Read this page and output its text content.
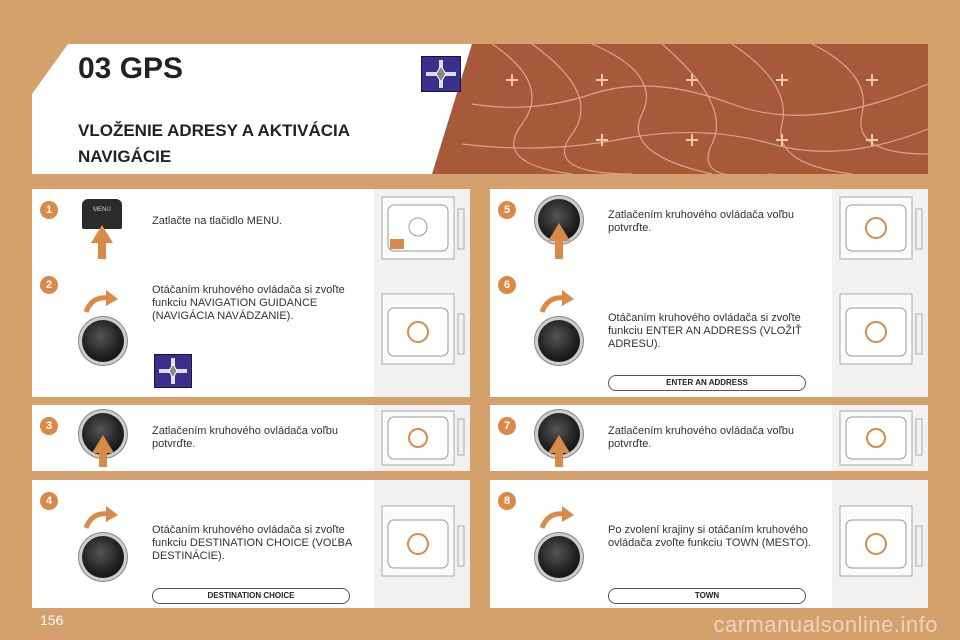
03 GPS
VLOŽENIE ADRESY A AKTIVÁCIA
NAVIGÁCIE
1	MENU
Zatlačte na tlačidlo MENU.
2	Otáčaním kruhového ovládača si zvoľte funkciu NAVIGATION GUIDANCE (NAVIGÁCIA NAVÁDZANIE).
3	Zatlačením kruhového ovládača voľbu potvrďte.
4
Otáčaním kruhového ovládača si zvoľte funkciu DESTINATION CHOICE (VOĽBA DESTINÁCIE).
DESTINATION CHOICE
5	Zatlačením kruhového ovládača voľbu potvrďte.
6
Otáčaním kruhového ovládača si zvoľte funkciu ENTER AN ADDRESS (VLOŽIŤ ADRESU).
ENTER AN ADDRESS
7	Zatlačením kruhového ovládača voľbu potvrďte.
8
Po zvolení krajiny si otáčaním kruhového ovládača zvoľte funkciu TOWN (MESTO).
TOWN
156	carmanualsonline.info
